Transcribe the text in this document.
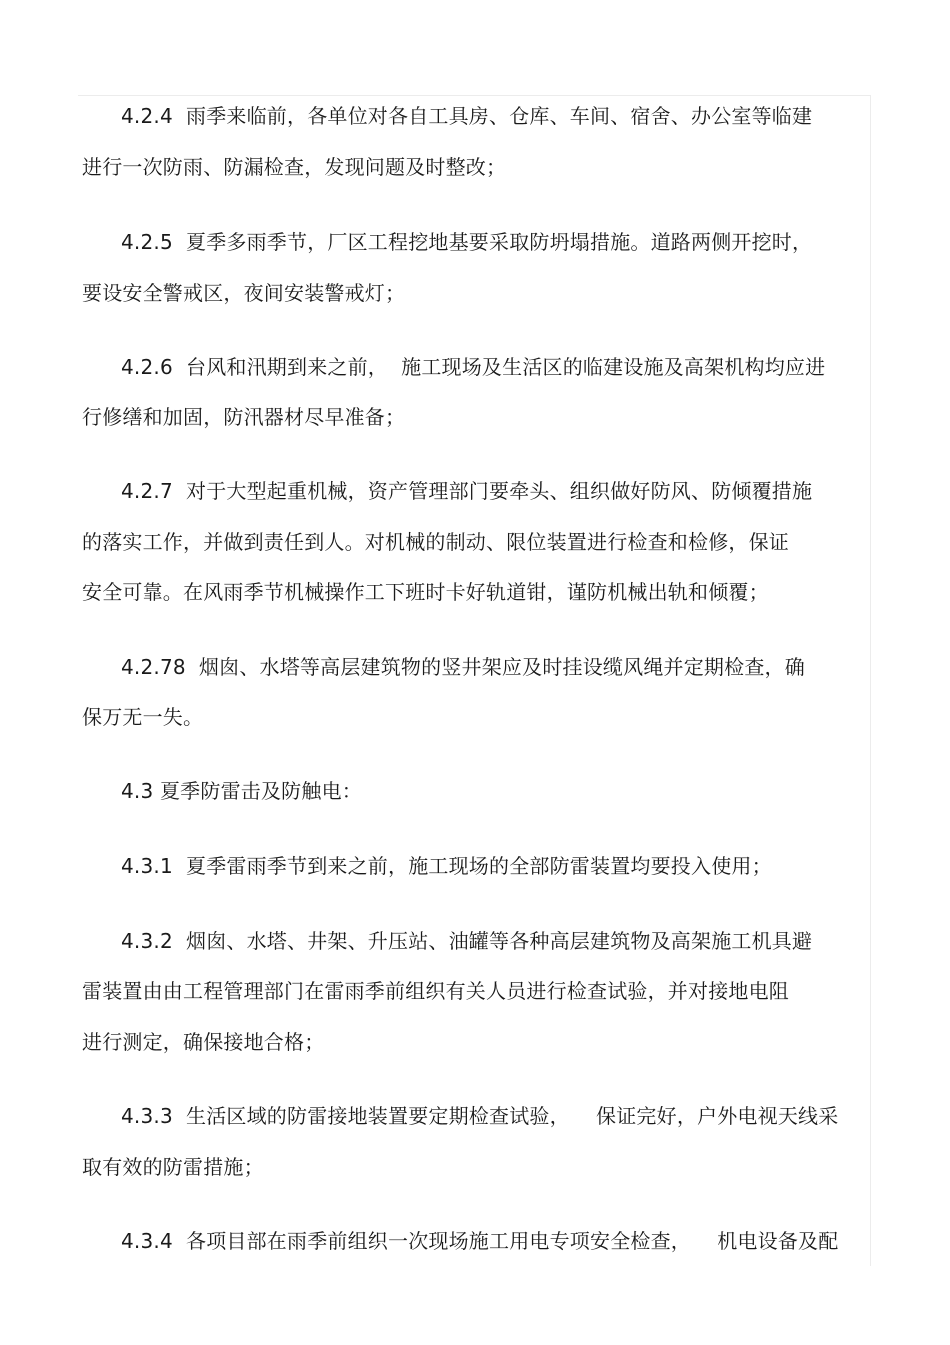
4.2.4  雨季来临前，各单位对各自工具房、仓库、车间、宿舍、办公室等临建
进行一次防雨、防漏检查，发现问题及时整改；
4.2.5  夏季多雨季节，厂区工程挖地基要采取防坍塌措施。道路两侧开挖时，
要设安全警戒区，夜间安装警戒灯；
4.2.6  台风和汛期到来之前，  施工现场及生活区的临建设施及高架机构均应进
行修缮和加固，防汛器材尽早准备；
4.2.7  对于大型起重机械，资产管理部门要牵头、组织做好防风、防倾覆措施
的落实工作，并做到责任到人。对机械的制动、限位装置进行检查和检修，保证
安全可靠。在风雨季节机械操作工下班时卡好轨道钳，谨防机械出轨和倾覆；
4.2.78  烟囱、水塔等高层建筑物的竖井架应及时挂设缆风绳并定期检查，确
保万无一失。
4.3 夏季防雷击及防触电：
4.3.1  夏季雷雨季节到来之前，施工现场的全部防雷装置均要投入使用；
4.3.2  烟囱、水塔、井架、升压站、油罐等各种高层建筑物及高架施工机具避
雷装置由由工程管理部门在雷雨季前组织有关人员进行检查试验，并对接地电阻
进行测定，确保接地合格；
4.3.3  生活区域的防雷接地装置要定期检查试验，    保证完好，户外电视天线采
取有效的防雷措施；
4.3.4  各项目部在雨季前组织一次现场施工用电专项安全检查，    机电设备及配
